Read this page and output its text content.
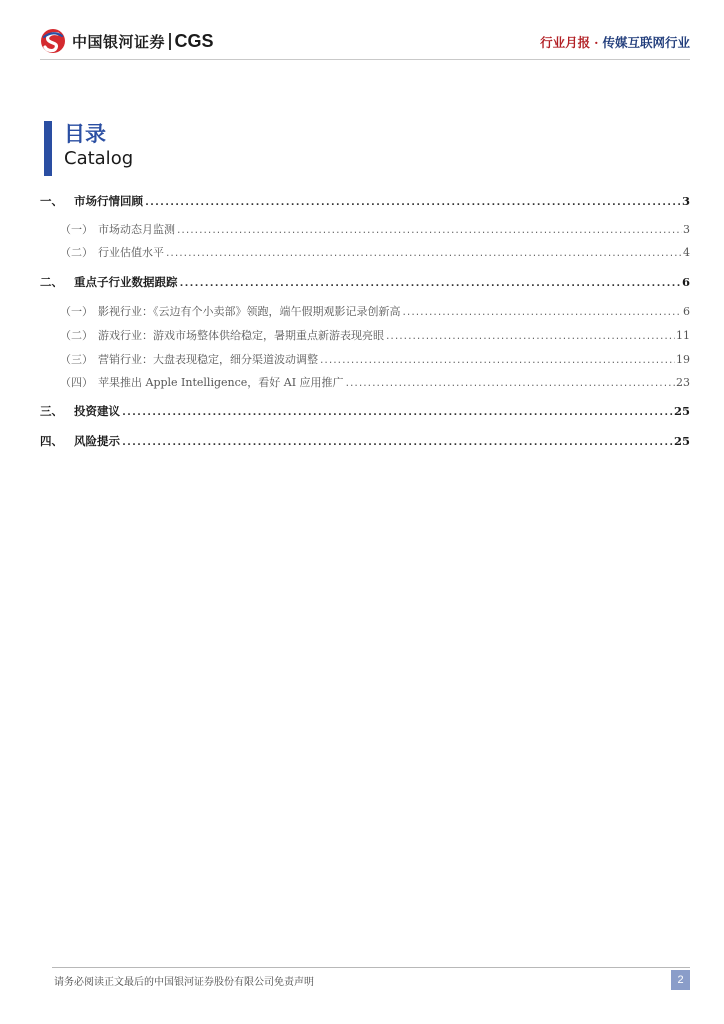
中国银河证券 CGS	行业月报 · 传媒互联网行业
目录
Catalog
一、 市场行情回顾 .....	3
（一） 市场动态月监测 .....	3
（二） 行业估值水平 .....	4
二、 重点子行业数据跟踪 .....	6
（一） 影视行业：《云边有个小卖部》领跑，端午假期观影记录创新高 .....	6
（二） 游戏行业：游戏市场整体供给稳定，暑期重点新游表现亮眼 .....	11
（三） 营销行业：大盘表现稳定，细分渠道波动调整 .....	19
（四） 苹果推出 Apple Intelligence，看好 AI 应用推广 .....	23
三、 投资建议 .....	25
四、 风险提示 .....	25
请务必阅读正文最后的中国银河证券股份有限公司免责声明	2
